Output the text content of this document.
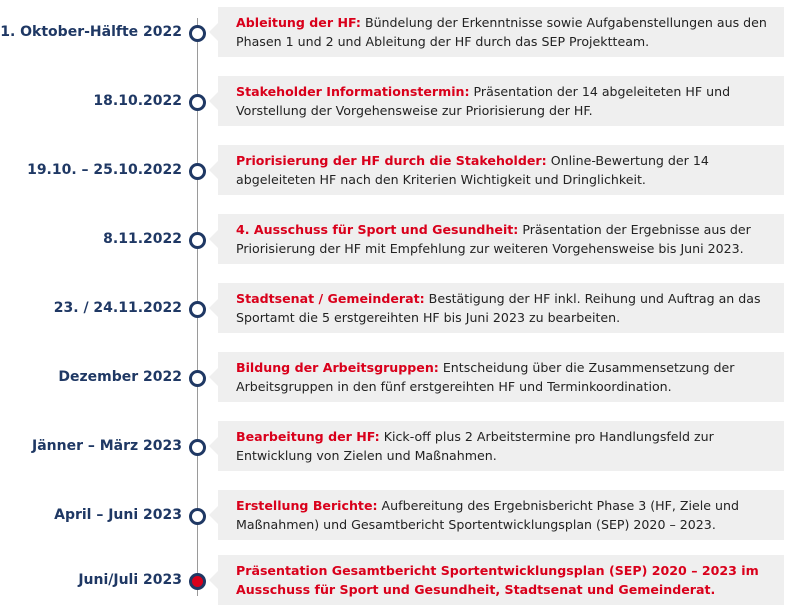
1. Oktober-Hälfte 2022
Ableitung der HF: Bündelung der Erkenntnisse sowie Aufgabenstellungen aus den Phasen 1 und 2 und Ableitung der HF durch das SEP Projektteam.
18.10.2022
Stakeholder Informationstermin: Präsentation der 14 abgeleiteten HF und Vorstellung der Vorgehensweise zur Priorisierung der HF.
19.10. – 25.10.2022
Priorisierung der HF durch die Stakeholder: Online-Bewertung der 14 abgeleiteten HF nach den Kriterien Wichtigkeit und Dringlichkeit.
8.11.2022
4. Ausschuss für Sport und Gesundheit: Präsentation der Ergebnisse aus der Priorisierung der HF mit Empfehlung zur weiteren Vorgehensweise bis Juni 2023.
23. / 24.11.2022
Stadtsenat / Gemeinderat: Bestätigung der HF inkl. Reihung und Auftrag an das Sportamt die 5 erstgereihten HF bis Juni 2023 zu bearbeiten.
Dezember 2022
Bildung der Arbeitsgruppen: Entscheidung über die Zusammensetzung der Arbeitsgruppen in den fünf erstgereihten HF und Terminkoordination.
Jänner – März 2023
Bearbeitung der HF: Kick-off plus 2 Arbeitstermine pro Handlungsfeld zur Entwicklung von Zielen und Maßnahmen.
April – Juni 2023
Erstellung Berichte: Aufbereitung des Ergebnisbericht Phase 3 (HF, Ziele und Maßnahmen) und Gesamtbericht Sportentwicklungsplan (SEP) 2020 – 2023.
Juni/Juli 2023
Präsentation Gesamtbericht Sportentwicklungsplan (SEP) 2020 – 2023 im Ausschuss für Sport und Gesundheit, Stadtsenat und Gemeinderat.
